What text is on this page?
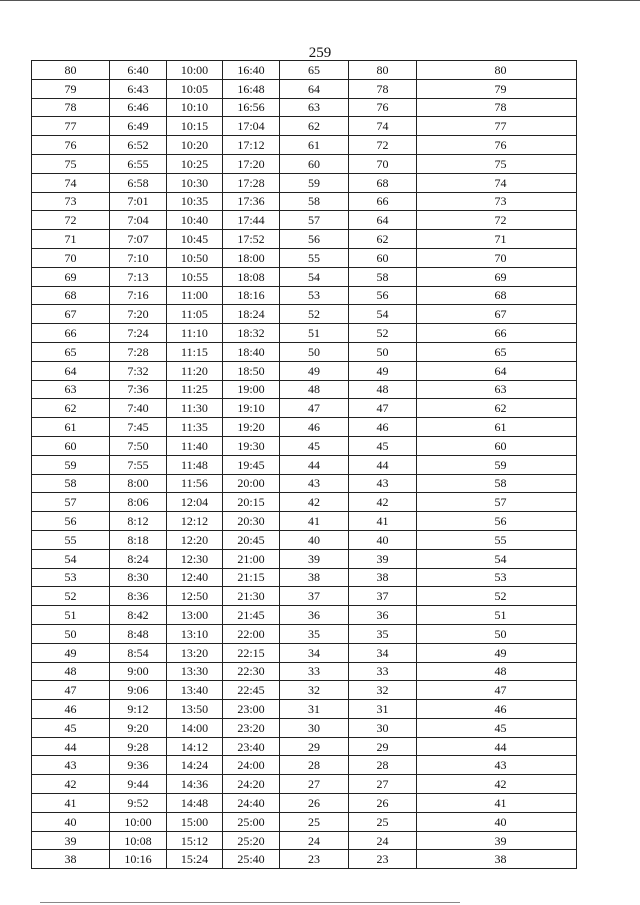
259
80	6:40	10:00	16:40	65	80	80
79	6:43	10:05	16:48	64	78	79
78	6:46	10:10	16:56	63	76	78
77	6:49	10:15	17:04	62	74	77
76	6:52	10:20	17:12	61	72	76
75	6:55	10:25	17:20	60	70	75
74	6:58	10:30	17:28	59	68	74
73	7:01	10:35	17:36	58	66	73
72	7:04	10:40	17:44	57	64	72
71	7:07	10:45	17:52	56	62	71
70	7:10	10:50	18:00	55	60	70
69	7:13	10:55	18:08	54	58	69
68	7:16	11:00	18:16	53	56	68
67	7:20	11:05	18:24	52	54	67
66	7:24	11:10	18:32	51	52	66
65	7:28	11:15	18:40	50	50	65
64	7:32	11:20	18:50	49	49	64
63	7:36	11:25	19:00	48	48	63
62	7:40	11:30	19:10	47	47	62
61	7:45	11:35	19:20	46	46	61
60	7:50	11:40	19:30	45	45	60
59	7:55	11:48	19:45	44	44	59
58	8:00	11:56	20:00	43	43	58
57	8:06	12:04	20:15	42	42	57
56	8:12	12:12	20:30	41	41	56
55	8:18	12:20	20:45	40	40	55
54	8:24	12:30	21:00	39	39	54
53	8:30	12:40	21:15	38	38	53
52	8:36	12:50	21:30	37	37	52
51	8:42	13:00	21:45	36	36	51
50	8:48	13:10	22:00	35	35	50
49	8:54	13:20	22:15	34	34	49
48	9:00	13:30	22:30	33	33	48
47	9:06	13:40	22:45	32	32	47
46	9:12	13:50	23:00	31	31	46
45	9:20	14:00	23:20	30	30	45
44	9:28	14:12	23:40	29	29	44
43	9:36	14:24	24:00	28	28	43
42	9:44	14:36	24:20	27	27	42
41	9:52	14:48	24:40	26	26	41
40	10:00	15:00	25:00	25	25	40
39	10:08	15:12	25:20	24	24	39
38	10:16	15:24	25:40	23	23	38
